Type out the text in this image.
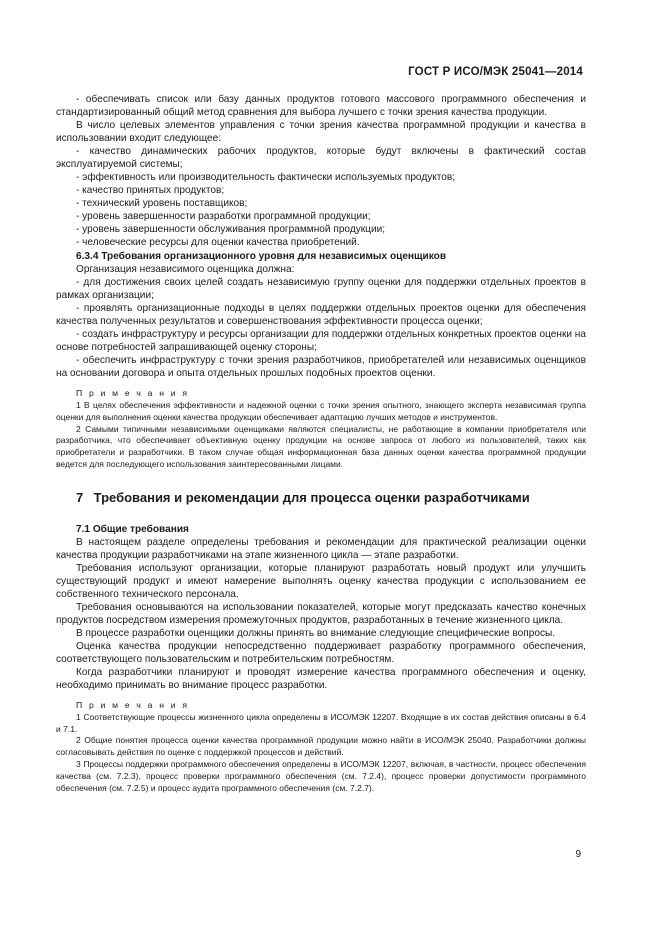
ГОСТ Р ИСО/МЭК 25041—2014

- обеспечивать список или базу данных продуктов готового массового программного обеспечения и стандартизированный общий метод сравнения для выбора лучшего с точки зрения качества продукции.

В число целевых элементов управления с точки зрения качества программной продукции и качества в использовании входит следующее:

- качество динамических рабочих продуктов, которые будут включены в фактический состав эксплуатируемой системы;

- эффективность или производительность фактически используемых продуктов;

- качество принятых продуктов;

- технический уровень поставщиков;

- уровень завершенности разработки программной продукции;

- уровень завершенности обслуживания программной продукции;

- человеческие ресурсы для оценки качества приобретений.

6.3.4 Требования организационного уровня для независимых оценщиков

Организация независимого оценщика должна:

- для достижения своих целей создать независимую группу оценки для поддержки отдельных проектов в рамках организации;

- проявлять организационные подходы в целях поддержки отдельных проектов оценки для обеспечения качества полученных результатов и совершенствования эффективности процесса оценки;

- создать инфраструктуру и ресурсы организации для поддержки отдельных конкретных проектов оценки на основе потребностей запрашивающей оценку стороны;

- обеспечить инфраструктуру с точки зрения разработчиков, приобретателей или независимых оценщиков на основании договора и опыта отдельных прошлых подобных проектов оценки.

П р и м е ч а н и я

1 В целях обеспечения эффективности и надежной оценки с точки зрения опытного, знающего эксперта независимая группа оценки для выполнения оценки качества продукции обеспечивает адаптацию лучших методов и инструментов.

2 Самыми типичными независимыми оценщиками являются специалисты, не работающие в компании приобретателя или разработчика, что обеспечивает объективную оценку продукции на основе запроса от любого из пользователей, таких как приобретатели и разработчики. В таком случае общая информационная база данных оценки качества программной продукции ведется для последующего использования заинтересованными лицами.

7 Требования и рекомендации для процесса оценки разработчиками

7.1 Общие требования

В настоящем разделе определены требования и рекомендации для практической реализации оценки качества продукции разработчиками на этапе жизненного цикла — этапе разработки.

Требования используют организации, которые планируют разработать новый продукт или улучшить существующий продукт и имеют намерение выполнять оценку качества продукции с использованием ее собственного технического персонала.

Требования основываются на использовании показателей, которые могут предсказать качество конечных продуктов посредством измерения промежуточных продуктов, разработанных в течение жизненного цикла.

В процессе разработки оценщики должны принять во внимание следующие специфические вопросы.

Оценка качества продукции непосредственно поддерживает разработку программного обеспечения, соответствующего пользовательским и потребительским потребностям.

Когда разработчики планируют и проводят измерение качества программного обеспечения и оценку, необходимо принимать во внимание процесс разработки.

П р и м е ч а н и я

1 Соответствующие процессы жизненного цикла определены в ИСО/МЭК 12207. Входящие в их состав действия описаны в 6.4 и 7.1.

2 Общие понятия процесса оценки качества программной продукции можно найти в ИСО/МЭК 25040. Разработчики должны согласовывать действия по оценке с поддержкой процессов и действий.

3 Процессы поддержки программного обеспечения определены в ИСО/МЭК 12207, включая, в частности, процесс обеспечения качества (см. 7.2.3), процесс проверки программного обеспечения (см. 7.2.4), процесс проверки допустимости программного обеспечения (см. 7.2.5) и процесс аудита программного обеспечения (см. 7.2.7).

9
